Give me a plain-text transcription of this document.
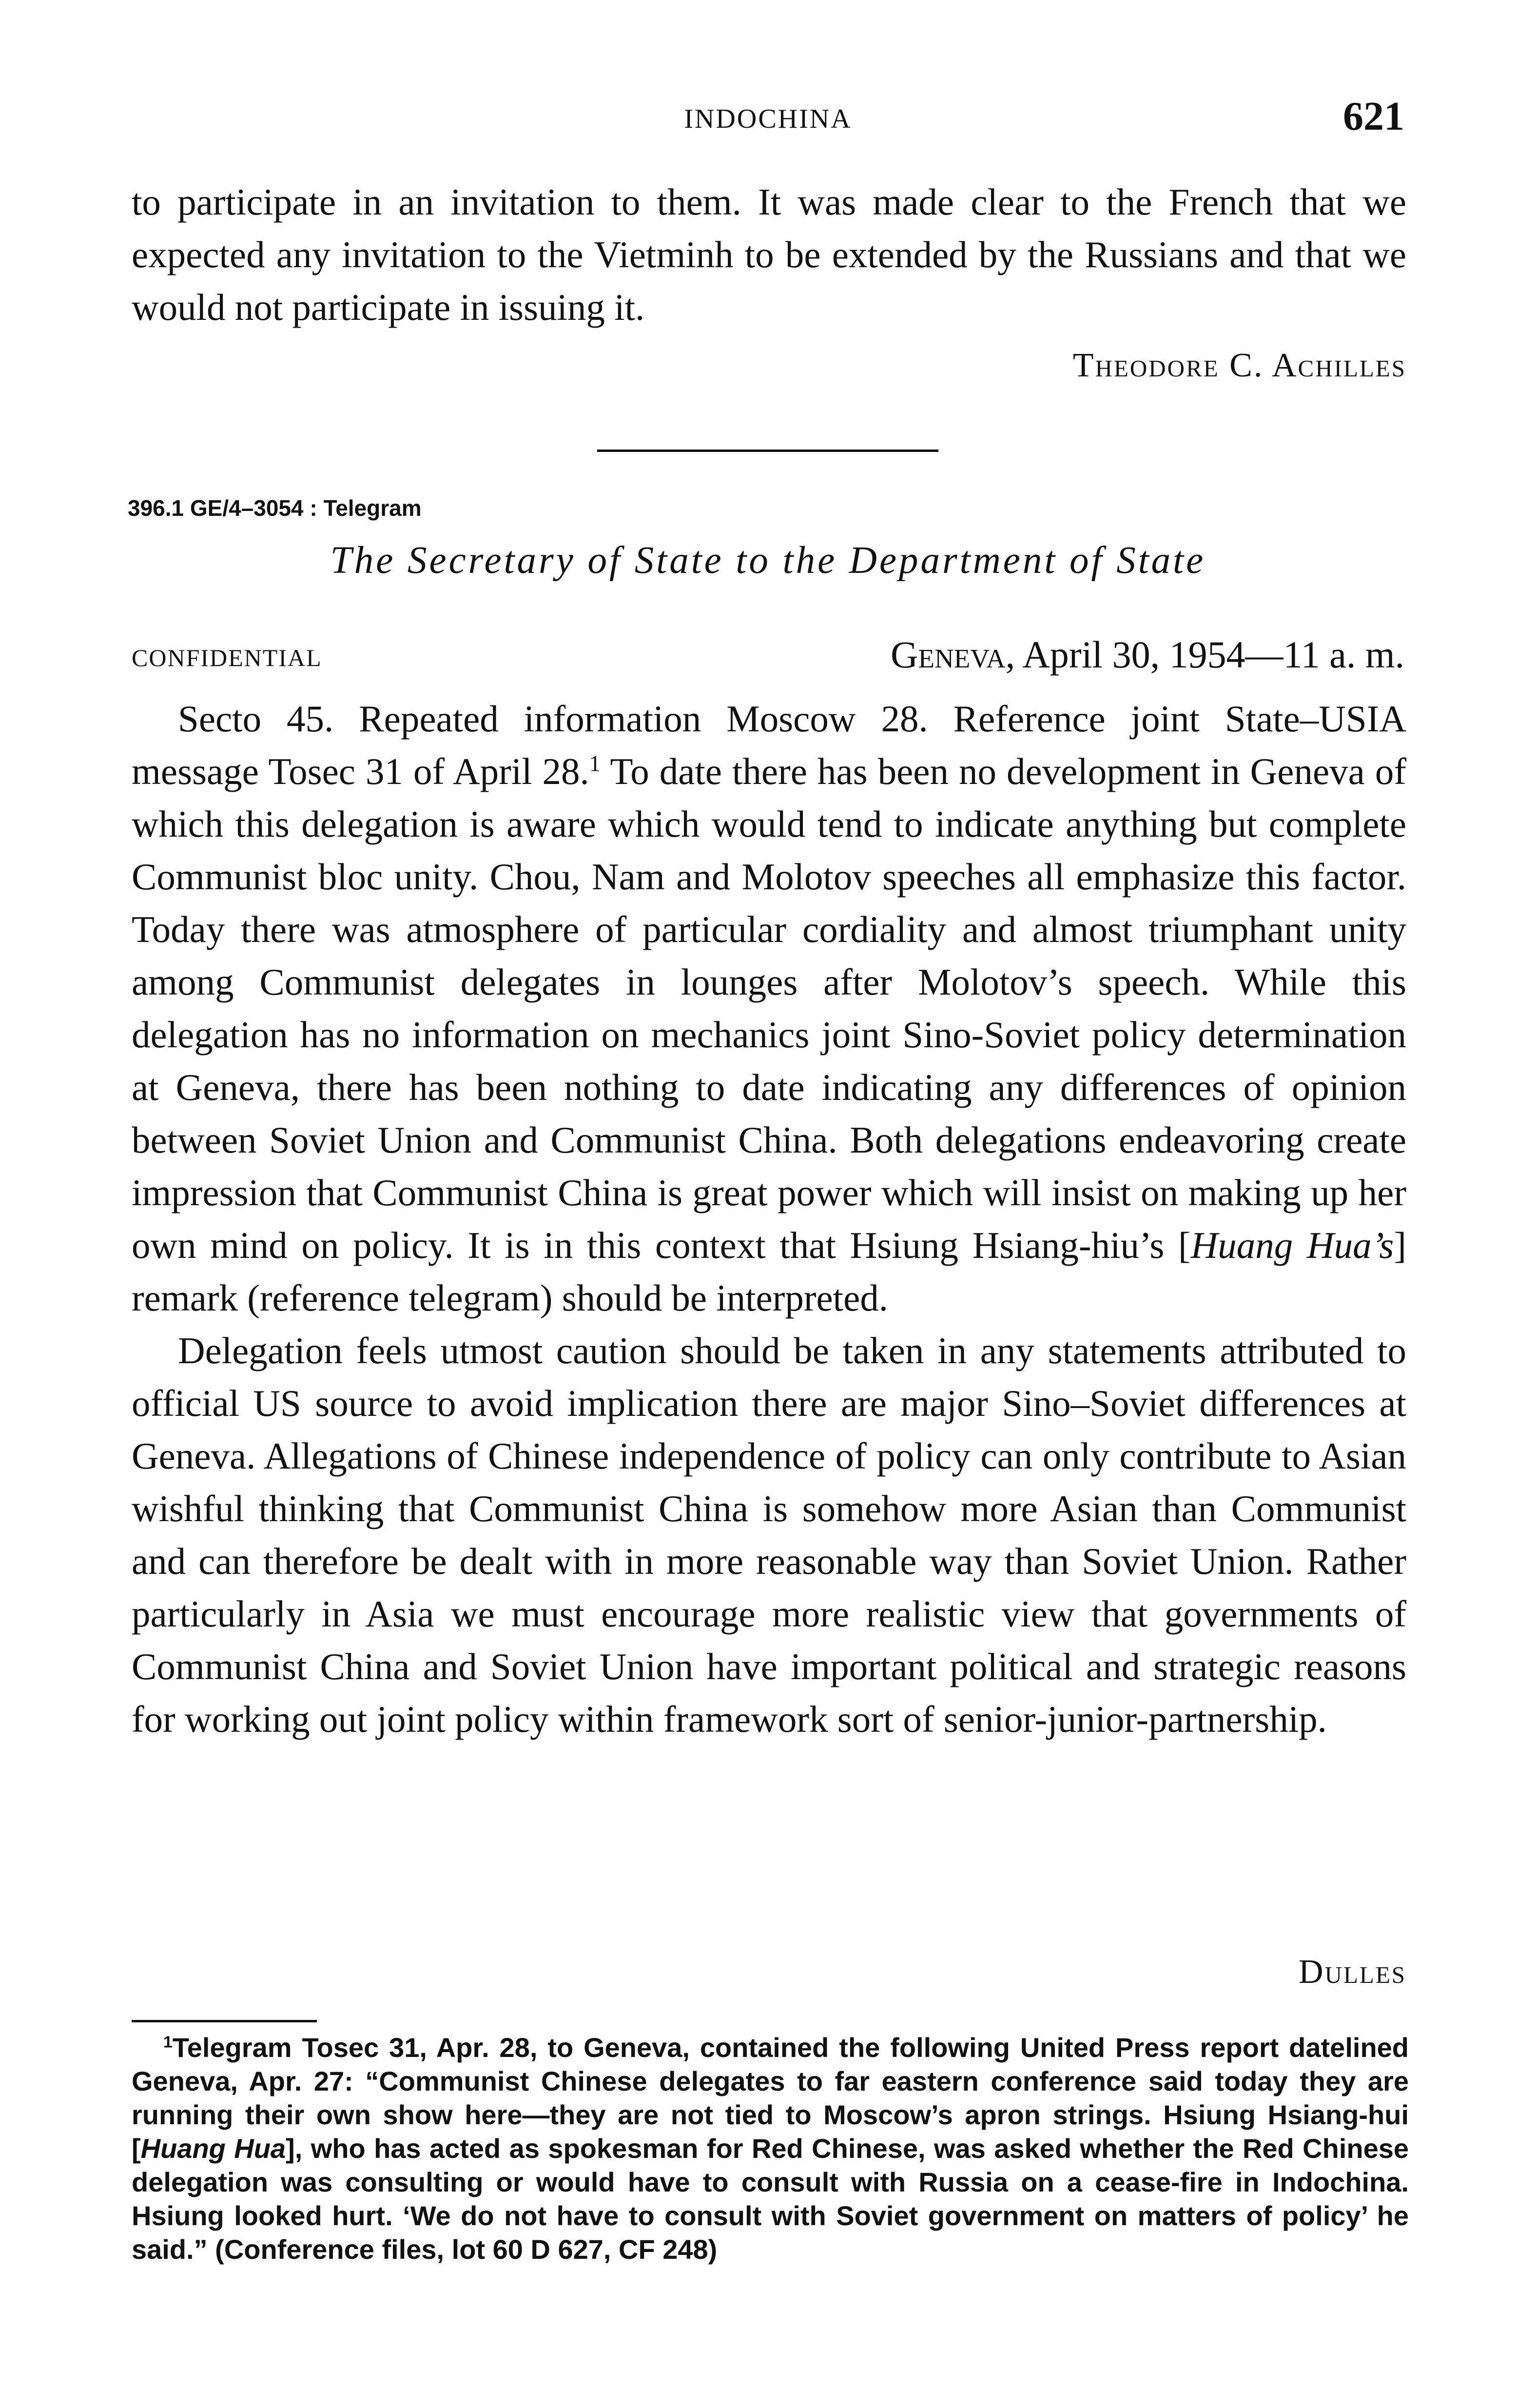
INDOCHINA	621

to participate in an invitation to them. It was made clear to the French that we expected any invitation to the Vietminh to be extended by the Russians and that we would not participate in issuing it.

Theodore C. Achilles
396.1 GE/4–3054 : Telegram
The Secretary of State to the Department of State
CONFIDENTIAL	Geneva, April 30, 1954—11 a. m.

Secto 45. Repeated information Moscow 28. Reference joint State–USIA message Tosec 31 of April 28.$^1$ To date there has been no development in Geneva of which this delegation is aware which would tend to indicate anything but complete Communist bloc unity. Chou, Nam and Molotov speeches all emphasize this factor. Today there was atmosphere of particular cordiality and almost triumphant unity among Communist delegates in lounges after Molotov’s speech. While this delegation has no information on mechanics joint Sino-Soviet policy determination at Geneva, there has been nothing to date indicating any differences of opinion between Soviet Union and Communist China. Both delegations endeavoring create impression that Communist China is great power which will insist on making up her own mind on policy. It is in this context that Hsiung Hsiang-hiu’s [Huang Hua’s] remark (reference telegram) should be interpreted.

Delegation feels utmost caution should be taken in any statements attributed to official US source to avoid implication there are major Sino–Soviet differences at Geneva. Allegations of Chinese independence of policy can only contribute to Asian wishful thinking that Communist China is somehow more Asian than Communist and can therefore be dealt with in more reasonable way than Soviet Union. Rather particularly in Asia we must encourage more realistic view that governments of Communist China and Soviet Union have important political and strategic reasons for working out joint policy within framework sort of senior-junior-partnership.

Dulles
$^1$Telegram Tosec 31, Apr. 28, to Geneva, contained the following United Press report datelined Geneva, Apr. 27: “Communist Chinese delegates to far eastern conference said today they are running their own show here—they are not tied to Moscow’s apron strings. Hsiung Hsiang-hui [Huang Hua], who has acted as spokesman for Red Chinese, was asked whether the Red Chinese delegation was consulting or would have to consult with Russia on a cease-fire in Indochina. Hsiung looked hurt. ‘We do not have to consult with Soviet government on matters of policy’ he said.” (Conference files, lot 60 D 627, CF 248)
